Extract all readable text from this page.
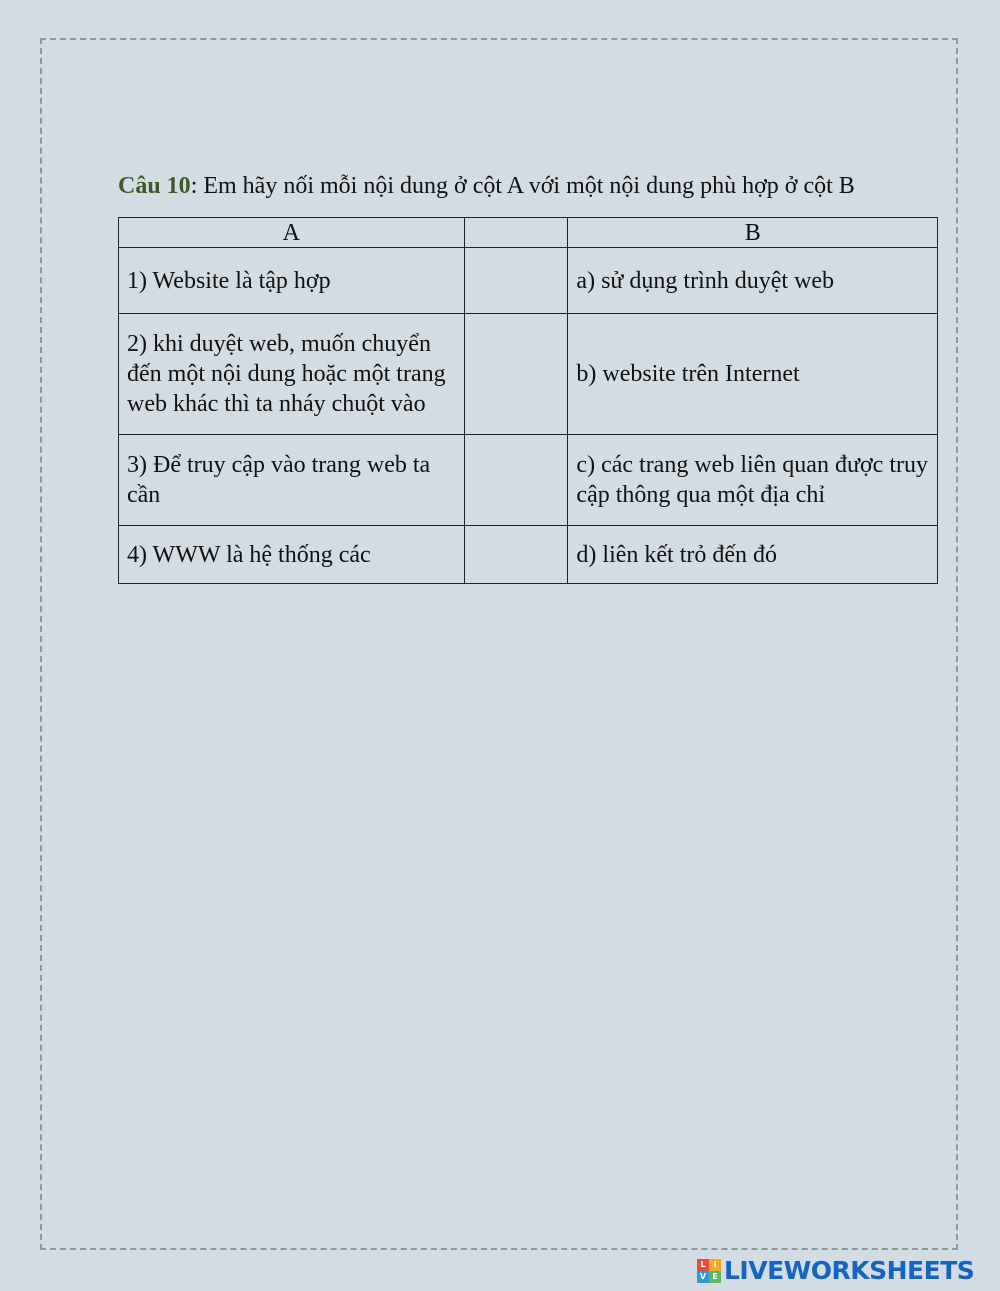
Câu 10: Em hãy nối mỗi nội dung ở cột A với một nội dung phù hợp ở cột B
A		B
1) Website là tập hợp		a) sử dụng trình duyệt web
2) khi duyệt web, muốn chuyển đến một nội dung hoặc một trang web khác thì ta nháy chuột vào		b) website trên Internet
3) Để truy cập vào trang web ta cần		c) các trang web liên quan được truy cập thông qua một địa chỉ
4) WWW là hệ thống các		d) liên kết trỏ đến đó
L I
V E LIVEWORKSHEETS
